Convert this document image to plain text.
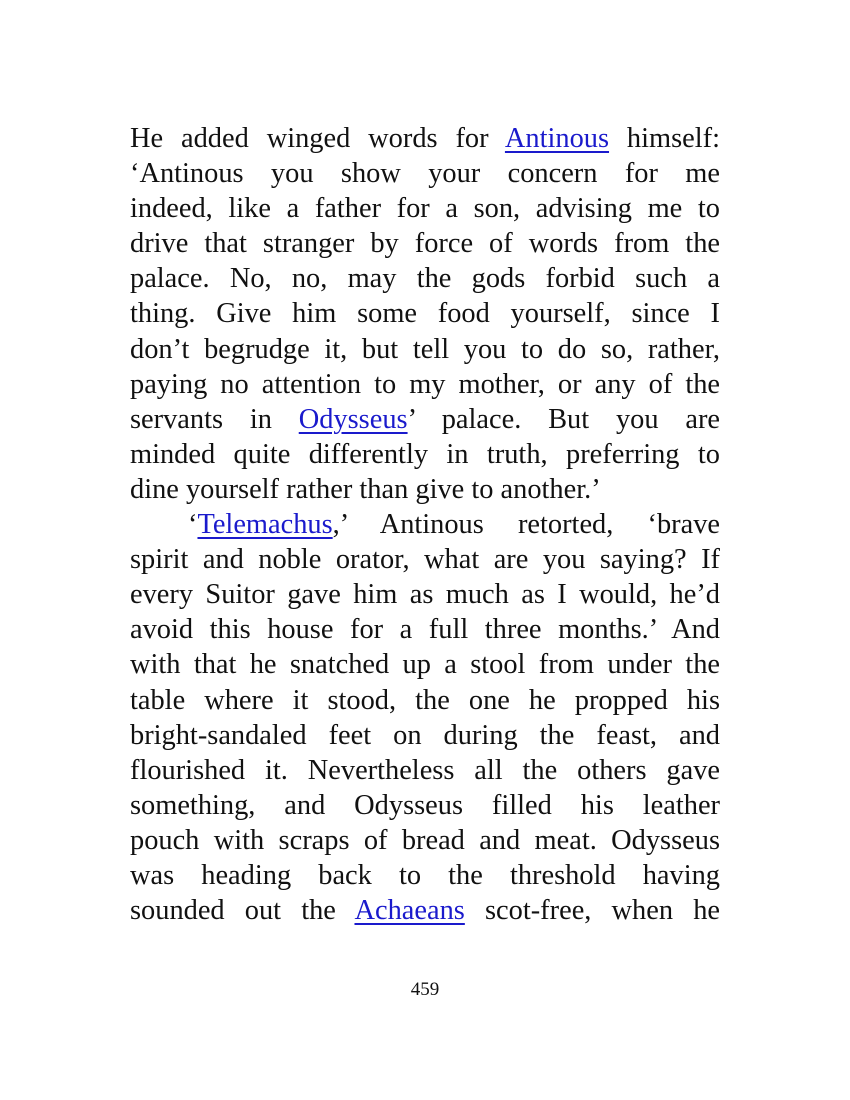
He added winged words for Antinous himself:
‘Antinous you show your concern for me
indeed, like a father for a son, advising me to
drive that stranger by force of words from the
palace. No, no, may the gods forbid such a
thing. Give him some food yourself, since I
don’t begrudge it, but tell you to do so, rather,
paying no attention to my mother, or any of the
servants in Odysseus’ palace. But you are
minded quite differently in truth, preferring to
dine yourself rather than give to another.’
‘Telemachus,’ Antinous retorted, ‘brave
spirit and noble orator, what are you saying? If
every Suitor gave him as much as I would, he’d
avoid this house for a full three months.’ And
with that he snatched up a stool from under the
table where it stood, the one he propped his
bright-sandaled feet on during the feast, and
flourished it. Nevertheless all the others gave
something, and Odysseus filled his leather
pouch with scraps of bread and meat. Odysseus
was heading back to the threshold having
sounded out the Achaeans scot-free, when he
459
